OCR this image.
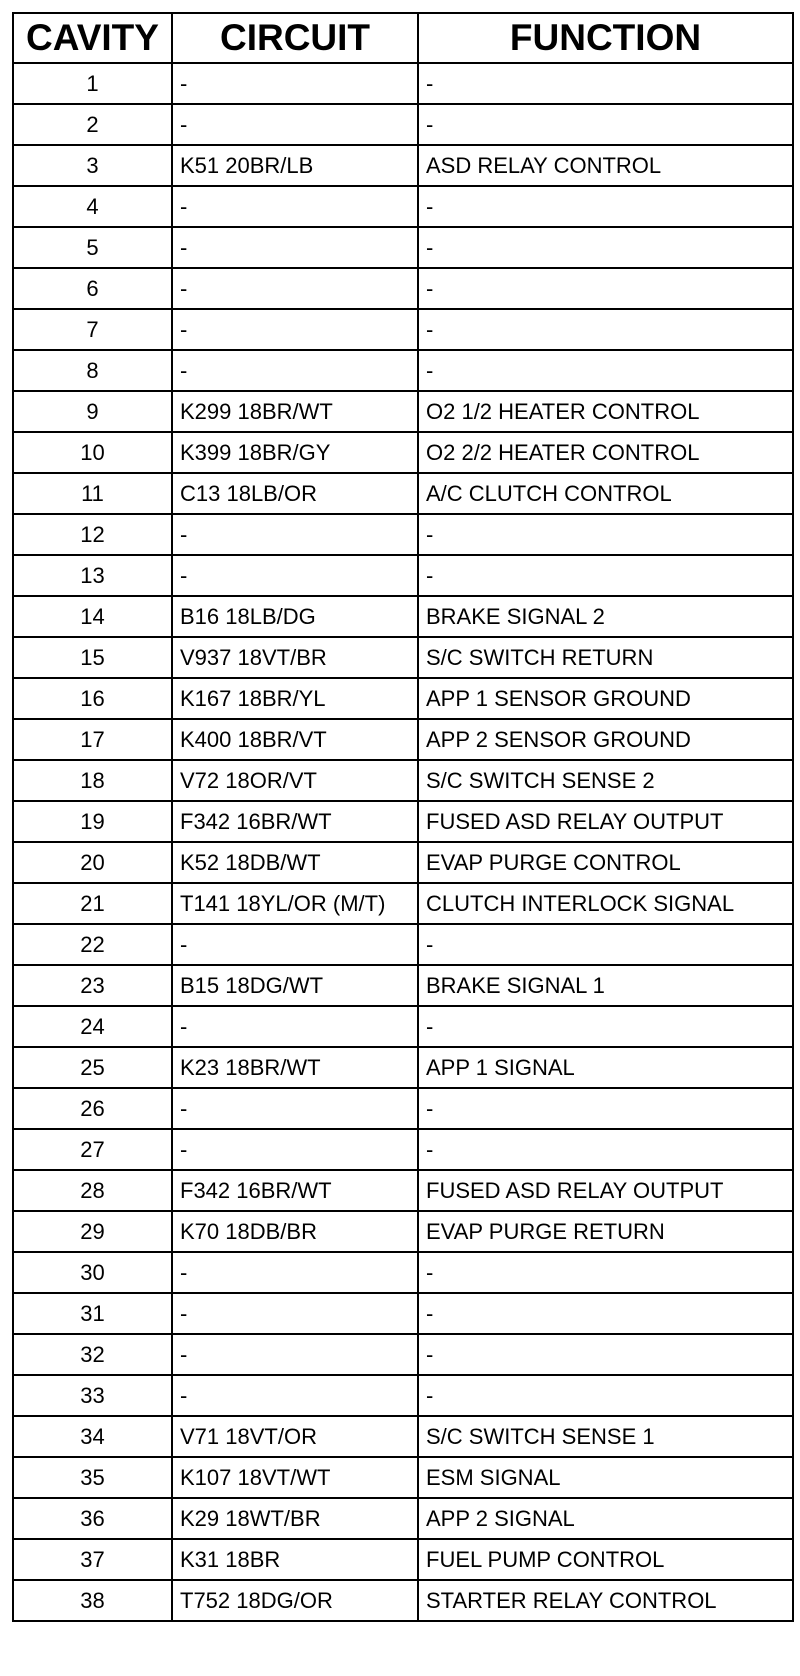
CAVITY	CIRCUIT	FUNCTION
1	-	-
2	-	-
3	K51 20BR/LB	ASD RELAY CONTROL
4	-	-
5	-	-
6	-	-
7	-	-
8	-	-
9	K299 18BR/WT	O2 1/2 HEATER CONTROL
10	K399 18BR/GY	O2 2/2 HEATER CONTROL
11	C13 18LB/OR	A/C CLUTCH CONTROL
12	-	-
13	-	-
14	B16 18LB/DG	BRAKE SIGNAL 2
15	V937 18VT/BR	S/C SWITCH RETURN
16	K167 18BR/YL	APP 1 SENSOR GROUND
17	K400 18BR/VT	APP 2 SENSOR GROUND
18	V72 18OR/VT	S/C SWITCH SENSE 2
19	F342 16BR/WT	FUSED ASD RELAY OUTPUT
20	K52 18DB/WT	EVAP PURGE CONTROL
21	T141 18YL/OR (M/T)	CLUTCH INTERLOCK SIGNAL
22	-	-
23	B15 18DG/WT	BRAKE SIGNAL 1
24	-	-
25	K23 18BR/WT	APP 1 SIGNAL
26	-	-
27	-	-
28	F342 16BR/WT	FUSED ASD RELAY OUTPUT
29	K70 18DB/BR	EVAP PURGE RETURN
30	-	-
31	-	-
32	-	-
33	-	-
34	V71 18VT/OR	S/C SWITCH SENSE 1
35	K107 18VT/WT	ESM SIGNAL
36	K29 18WT/BR	APP 2 SIGNAL
37	K31 18BR	FUEL PUMP CONTROL
38	T752 18DG/OR	STARTER RELAY CONTROL
